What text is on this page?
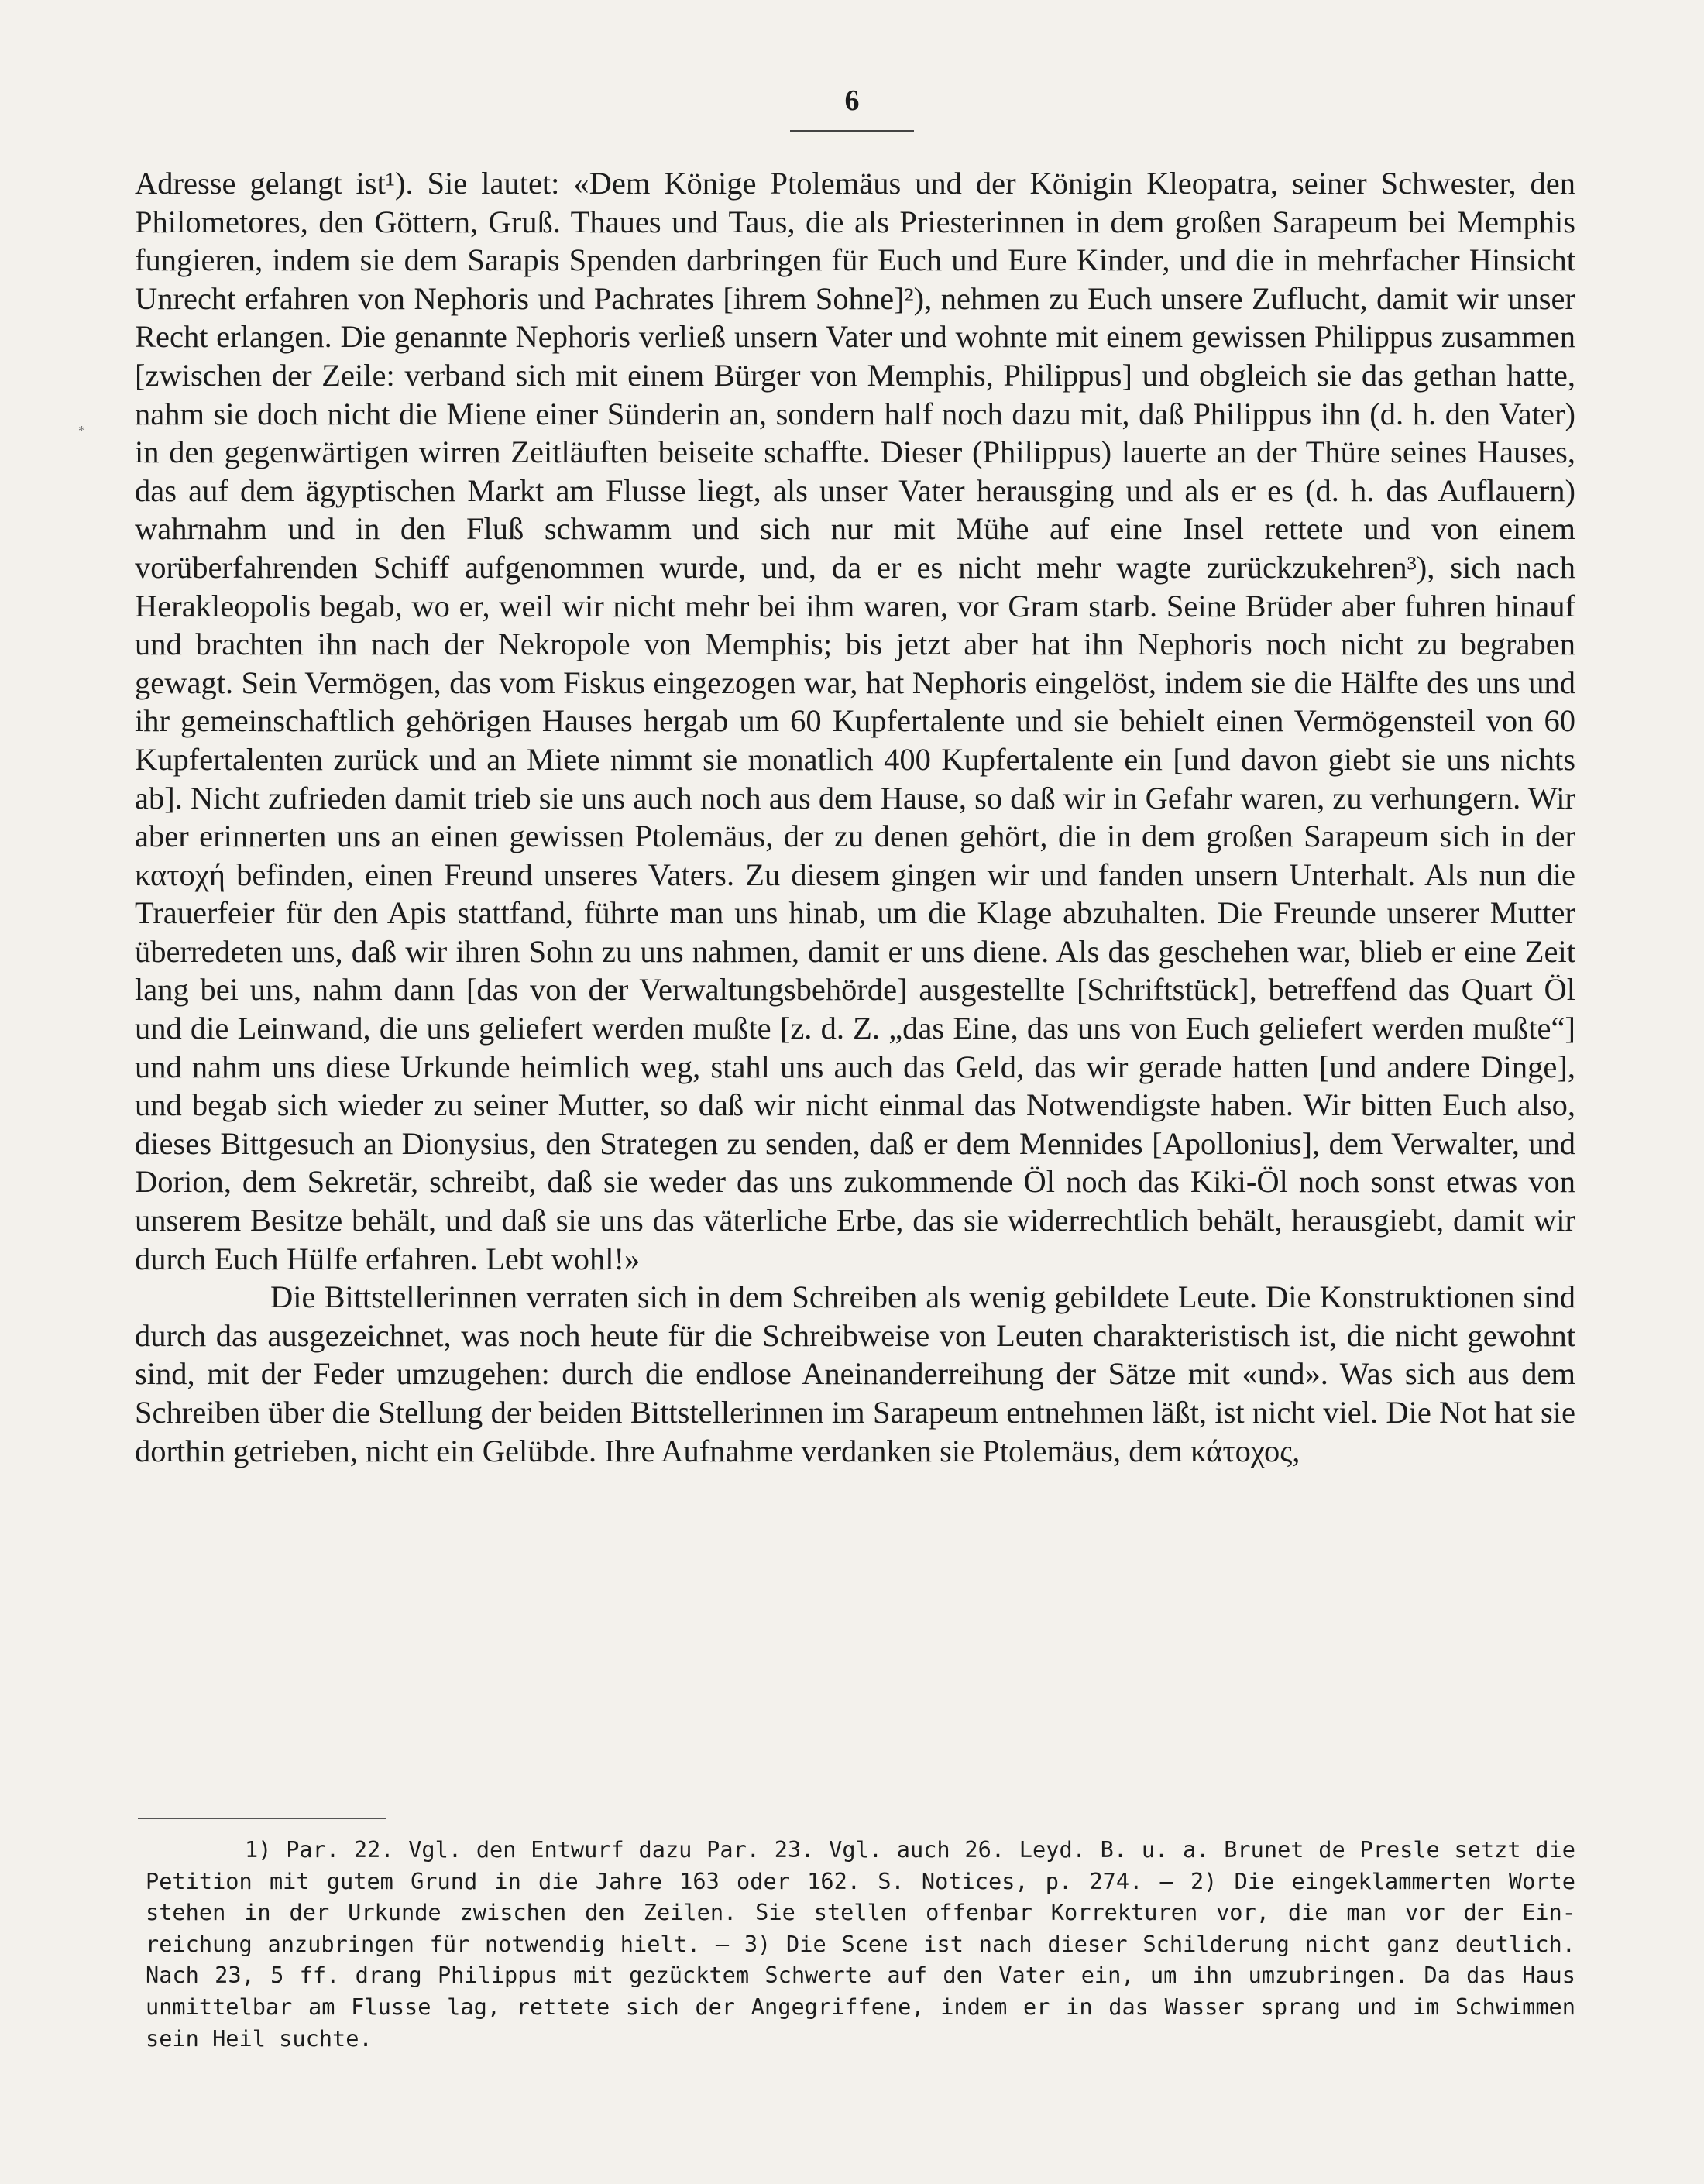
6
*

Adresse gelangt ist¹). Sie lautet: «Dem Könige Ptolemäus und der Königin Kleopatra, seiner Schwester, den Philometores, den Göttern, Gruß. Thaues und Taus, die als Priesterinnen in dem großen Sarapeum bei Memphis fungieren, indem sie dem Sarapis Spenden darbringen für Euch und Eure Kinder, und die in mehrfacher Hinsicht Unrecht erfahren von Nephoris und Pachrates [ihrem Sohne]²), nehmen zu Euch unsere Zuflucht, damit wir unser Recht erlangen. Die genannte Nephoris verließ unsern Vater und wohnte mit einem gewissen Philippus zusammen [zwischen der Zeile: verband sich mit einem Bürger von Memphis, Philippus] und obgleich sie das gethan hatte, nahm sie doch nicht die Miene einer Sünderin an, sondern half noch dazu mit, daß Philippus ihn (d. h. den Vater) in den gegenwärtigen wirren Zeitläuften beiseite schaffte. Dieser (Philippus) lauerte an der Thüre seines Hauses, das auf dem ägyptischen Markt am Flusse liegt, als unser Vater herausging und als er es (d. h. das Auflauern) wahrnahm und in den Fluß schwamm und sich nur mit Mühe auf eine Insel rettete und von einem vorüberfahrenden Schiff aufgenommen wurde, und, da er es nicht mehr wagte zurückzukehren³), sich nach Herakleopolis begab, wo er, weil wir nicht mehr bei ihm waren, vor Gram starb. Seine Brüder aber fuhren hinauf und brachten ihn nach der Nekropole von Memphis; bis jetzt aber hat ihn Nephoris noch nicht zu begraben gewagt. Sein Vermögen, das vom Fiskus eingezogen war, hat Nephoris eingelöst, indem sie die Hälfte des uns und ihr gemeinschaftlich gehörigen Hauses hergab um 60 Kupfertalente und sie behielt einen Vermögensteil von 60 Kupfertalenten zurück und an Miete nimmt sie monatlich 400 Kupfertalente ein [und davon giebt sie uns nichts ab]. Nicht zufrieden damit trieb sie uns auch noch aus dem Hause, so daß wir in Gefahr waren, zu verhungern. Wir aber erinnerten uns an einen gewissen Ptolemäus, der zu denen gehört, die in dem großen Sarapeum sich in der κατοχή befinden, einen Freund unseres Vaters. Zu diesem gingen wir und fanden unsern Unterhalt. Als nun die Trauerfeier für den Apis stattfand, führte man uns hinab, um die Klage abzuhalten. Die Freunde unserer Mutter überredeten uns, daß wir ihren Sohn zu uns nahmen, damit er uns diene. Als das geschehen war, blieb er eine Zeit lang bei uns, nahm dann [das von der Verwaltungsbehörde] ausgestellte [Schriftstück], betreffend das Quart Öl und die Leinwand, die uns geliefert werden mußte [z. d. Z. „das Eine, das uns von Euch geliefert werden mußte“] und nahm uns diese Urkunde heimlich weg, stahl uns auch das Geld, das wir gerade hatten [und andere Dinge], und begab sich wieder zu seiner Mutter, so daß wir nicht einmal das Notwendigste haben. Wir bitten Euch also, dieses Bittgesuch an Dionysius, den Strategen zu senden, daß er dem Mennides [Apollonius], dem Verwalter, und Dorion, dem Sekretär, schreibt, daß sie weder das uns zukommende Öl noch das Kiki-Öl noch sonst etwas von unserem Besitze behält, und daß sie uns das väterliche Erbe, das sie widerrechtlich behält, herausgiebt, damit wir durch Euch Hülfe erfahren. Lebt wohl!»

Die Bittstellerinnen verraten sich in dem Schreiben als wenig gebildete Leute. Die Konstruktionen sind durch das ausgezeichnet, was noch heute für die Schreibweise von Leuten charakteristisch ist, die nicht gewohnt sind, mit der Feder umzugehen: durch die endlose Aneinanderreihung der Sätze mit «und». Was sich aus dem Schreiben über die Stellung der beiden Bittstellerinnen im Sarapeum entnehmen läßt, ist nicht viel. Die Not hat sie dorthin getrieben, nicht ein Gelübde. Ihre Aufnahme verdanken sie Ptolemäus, dem κάτοχος,

1) Par. 22. Vgl. den Entwurf dazu Par. 23. Vgl. auch 26. Leyd. B. u. a. Brunet de Presle setzt die Petition mit gutem Grund in die Jahre 163 oder 162. S. Notices, p. 274. — 2) Die eingeklammerten Worte stehen in der Urkunde zwischen den Zeilen. Sie stellen offenbar Korrekturen vor, die man vor der Einreichung anzubringen für notwendig hielt. — 3) Die Scene ist nach dieser Schilderung nicht ganz deutlich. Nach 23, 5 ff. drang Philippus mit gezücktem Schwerte auf den Vater ein, um ihn umzubringen. Da das Haus unmittelbar am Flusse lag, rettete sich der Angegriffene, indem er in das Wasser sprang und im Schwimmen sein Heil suchte.
